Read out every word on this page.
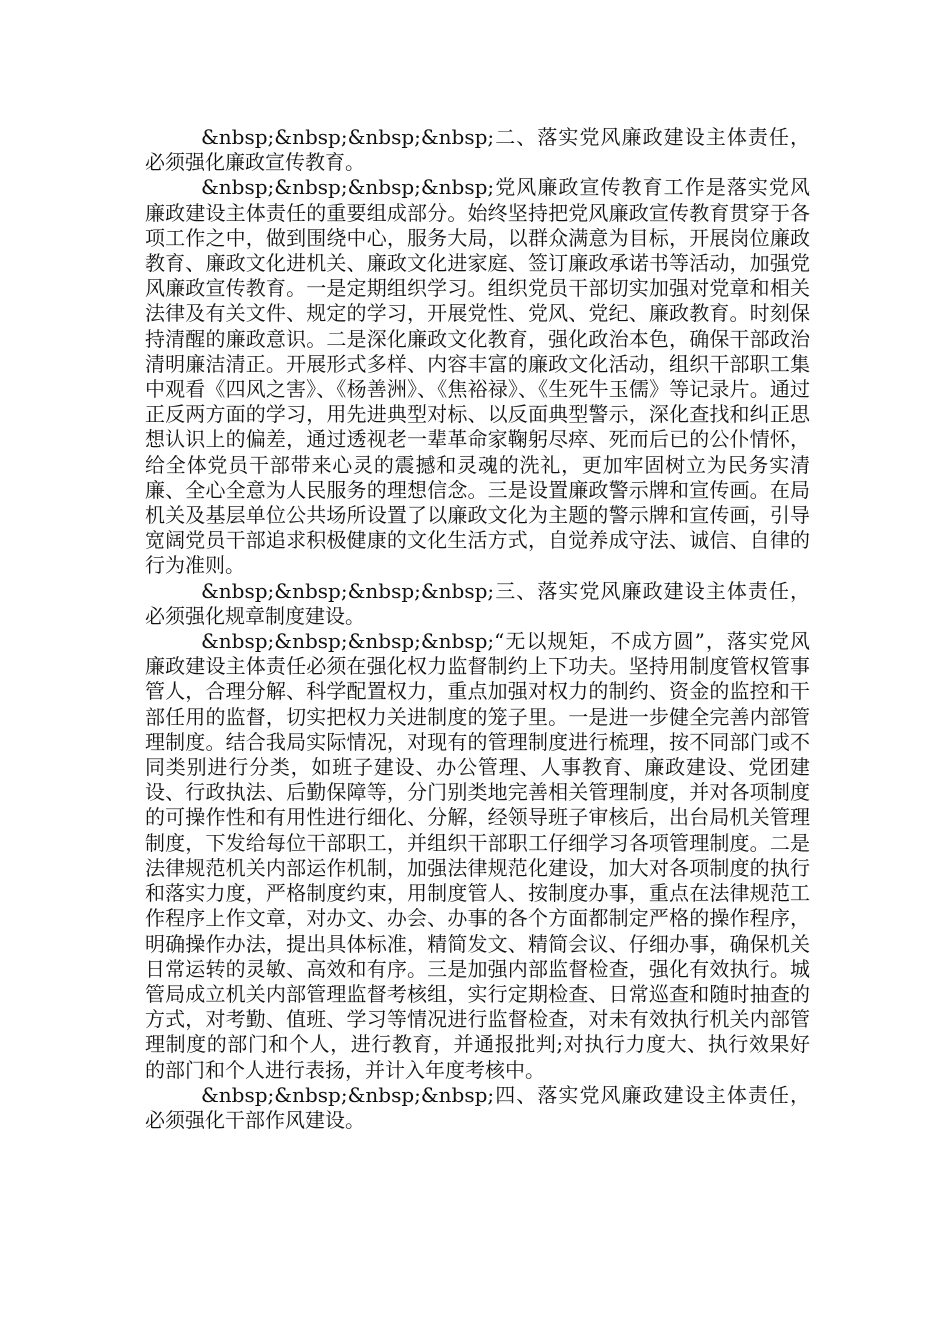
&nbsp;&nbsp;&nbsp;&nbsp;二、落实党风廉政建设主体责任，必须强化廉政宣传教育。

&nbsp;&nbsp;&nbsp;&nbsp;党风廉政宣传教育工作是落实党风廉政建设主体责任的重要组成部分。始终坚持把党风廉政宣传教育贯穿于各项工作之中，做到围绕中心，服务大局，以群众满意为目标，开展岗位廉政教育、廉政文化进机关、廉政文化进家庭、签订廉政承诺书等活动，加强党风廉政宣传教育。一是定期组织学习。组织党员干部切实加强对党章和相关法律及有关文件、规定的学习，开展党性、党风、党纪、廉政教育。时刻保持清醒的廉政意识。二是深化廉政文化教育，强化政治本色，确保干部政治清明廉洁清正。开展形式多样、内容丰富的廉政文化活动，组织干部职工集中观看《四风之害》、《杨善洲》、《焦裕禄》、《生死牛玉儒》等记录片。通过正反两方面的学习，用先进典型对标、以反面典型警示，深化查找和纠正思想认识上的偏差，通过透视老一辈革命家鞠躬尽瘁、死而后已的公仆情怀，给全体党员干部带来心灵的震撼和灵魂的洗礼，更加牢固树立为民务实清廉、全心全意为人民服务的理想信念。三是设置廉政警示牌和宣传画。在局机关及基层单位公共场所设置了以廉政文化为主题的警示牌和宣传画，引导宽阔党员干部追求积极健康的文化生活方式，自觉养成守法、诚信、自律的行为准则。

&nbsp;&nbsp;&nbsp;&nbsp;三、落实党风廉政建设主体责任，必须强化规章制度建设。

&nbsp;&nbsp;&nbsp;&nbsp;“无以规矩，不成方圆”，落实党风廉政建设主体责任必须在强化权力监督制约上下功夫。坚持用制度管权管事管人，合理分解、科学配置权力，重点加强对权力的制约、资金的监控和干部任用的监督，切实把权力关进制度的笼子里。一是进一步健全完善内部管理制度。结合我局实际情况，对现有的管理制度进行梳理，按不同部门或不同类别进行分类，如班子建设、办公管理、人事教育、廉政建设、党团建设、行政执法、后勤保障等，分门别类地完善相关管理制度，并对各项制度的可操作性和有用性进行细化、分解，经领导班子审核后，出台局机关管理制度，下发给每位干部职工，并组织干部职工仔细学习各项管理制度。二是法律规范机关内部运作机制，加强法律规范化建设，加大对各项制度的执行和落实力度，严格制度约束，用制度管人、按制度办事，重点在法律规范工作程序上作文章，对办文、办会、办事的各个方面都制定严格的操作程序，明确操作办法，提出具体标准，精简发文、精简会议、仔细办事，确保机关日常运转的灵敏、高效和有序。三是加强内部监督检查，强化有效执行。城管局成立机关内部管理监督考核组，实行定期检查、日常巡查和随时抽查的方式，对考勤、值班、学习等情况进行监督检查，对未有效执行机关内部管理制度的部门和个人，进行教育，并通报批判;对执行力度大、执行效果好的部门和个人进行表扬，并计入年度考核中。

&nbsp;&nbsp;&nbsp;&nbsp;四、落实党风廉政建设主体责任，必须强化干部作风建设。
